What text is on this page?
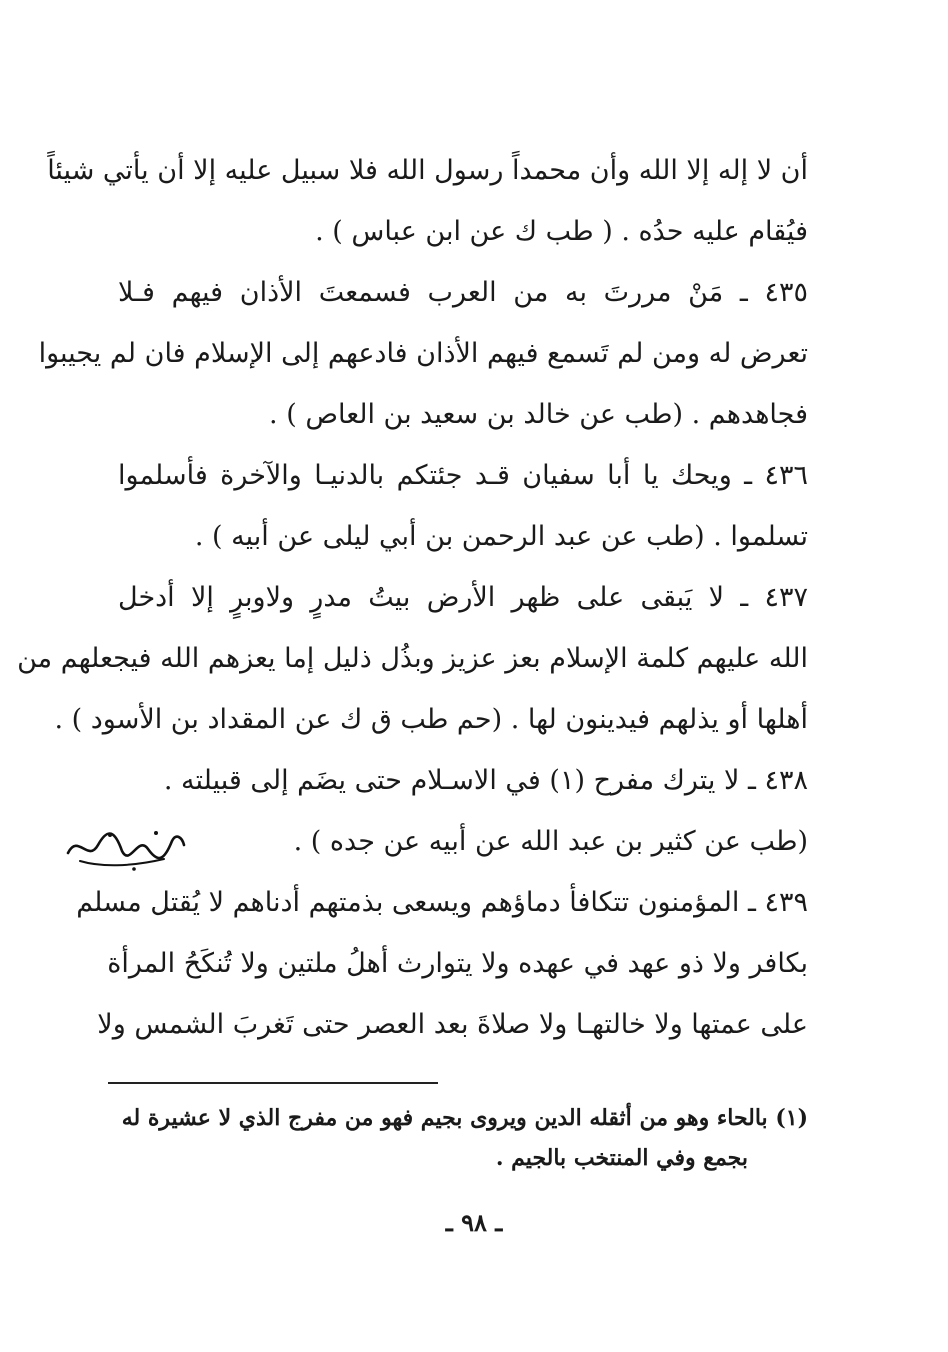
أن لا إله إلا الله وأن محمداً رسول الله فلا سبيل عليه إلا أن يأتي شيئاً
فيُقام عليه حدُه . ( طب ك عن ابن عباس ) .
٤٣٥ ـ مَنْ مررتَ به من العرب فسمعتَ الأذان فيهم فـلا
تعرض له ومن لم تَسمع فيهم الأذان فادعهم إلى الإسلام فان لم يجيبوا
فجاهدهم . (طب عن خالد بن سعيد بن العاص ) .
٤٣٦ ـ ويحك يا أبا سفيان قـد جئتكم بالدنيـا والآخرة فأسلموا
تسلموا . (طب عن عبد الرحمن بن أبي ليلى عن أبيه ) .
٤٣٧ ـ لا يَبقى على ظهر الأرض بيتُ مدرٍ ولاوبرٍ إلا أدخل
الله عليهم كلمة الإسلام بعز عزيز وبذُل ذليل إما يعزهم الله فيجعلهم من
أهلها أو يذلهم فيدينون لها . (حم طب ق ك عن المقداد بن الأسود ) .
٤٣٨ ـ لا يترك مفرح (١) في الاسـلام حتى يضَم إلى قبيلته .
(طب عن كثير بن عبد الله عن أبيه عن جده ) .
٤٣٩ ـ المؤمنون تتكافأ دماؤهم ويسعى بذمتهم أدناهم لا يُقتل مسلم
بكافر ولا ذو عهد في عهده ولا يتوارث أهلُ ملتين ولا تُنكَحُ المرأة
على عمتها ولا خالتهـا ولا صلاةَ بعد العصر حتى تَغربَ الشمس ولا
(١) بالحاء وهو من أثقله الدين ويروى بجيم فهو من مفرج الذي لا عشيرة له
بجمع وفي المنتخب بالجيم .
ـ ٩٨ ـ
